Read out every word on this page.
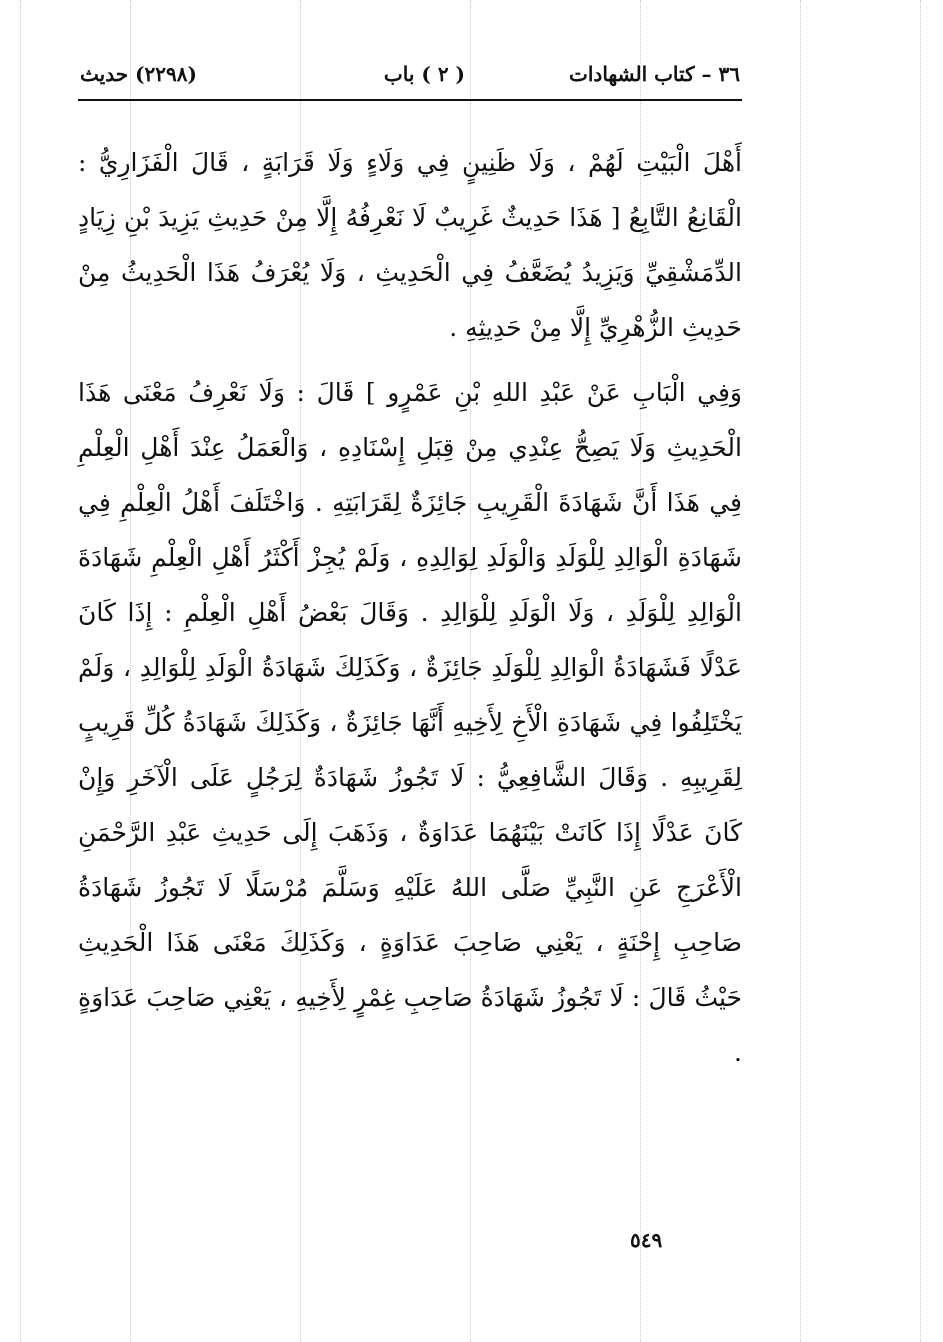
٣٦ – كتاب الشهادات
( ٢ ) باب
(٢٢٩٨) حديث

أَهْلَ الْبَيْتِ لَهُمْ ، وَلَا ظَنِينٍ فِي وَلَاءٍ وَلَا قَرَابَةٍ ، قَالَ الْفَزَارِيُّ : الْقَانِعُ التَّابِعُ [ هَذَا حَدِيثٌ غَرِيبٌ لَا نَعْرِفُهُ إِلَّا مِنْ حَدِيثِ يَزِيدَ بْنِ زِيَادٍ الدِّمَشْقِيِّ وَيَزِيدُ يُضَعَّفُ فِي الْحَدِيثِ ، وَلَا يُعْرَفُ هَذَا الْحَدِيثُ مِنْ حَدِيثِ الزُّهْرِيِّ إِلَّا مِنْ حَدِيثِهِ .

وَفِي الْبَابِ عَنْ عَبْدِ اللهِ بْنِ عَمْرٍو ] قَالَ : وَلَا نَعْرِفُ مَعْنَى هَذَا الْحَدِيثِ وَلَا يَصِحُّ عِنْدِي مِنْ قِبَلِ إِسْنَادِهِ ، وَالْعَمَلُ عِنْدَ أَهْلِ الْعِلْمِ فِي هَذَا أَنَّ شَهَادَةَ الْقَرِيبِ جَائِزَةٌ لِقَرَابَتِهِ . وَاخْتَلَفَ أَهْلُ الْعِلْمِ فِي شَهَادَةِ الْوَالِدِ لِلْوَلَدِ وَالْوَلَدِ لِوَالِدِهِ ، وَلَمْ يُجِزْ أَكْثَرُ أَهْلِ الْعِلْمِ شَهَادَةَ الْوَالِدِ لِلْوَلَدِ ، وَلَا الْوَلَدِ لِلْوَالِدِ . وَقَالَ بَعْضُ أَهْلِ الْعِلْمِ : إِذَا كَانَ عَدْلًا فَشَهَادَةُ الْوَالِدِ لِلْوَلَدِ جَائِزَةٌ ، وَكَذَلِكَ شَهَادَةُ الْوَلَدِ لِلْوَالِدِ ، وَلَمْ يَخْتَلِفُوا فِي شَهَادَةِ الْأَخِ لِأَخِيهِ أَنَّهَا جَائِزَةٌ ، وَكَذَلِكَ شَهَادَةُ كُلِّ قَرِيبٍ لِقَرِيبِهِ . وَقَالَ الشَّافِعِيُّ : لَا تَجُوزُ شَهَادَةٌ لِرَجُلٍ عَلَى الْآخَرِ وَإِنْ كَانَ عَدْلًا إِذَا كَانَتْ بَيْنَهُمَا عَدَاوَةٌ ، وَذَهَبَ إِلَى حَدِيثِ عَبْدِ الرَّحْمَنِ الْأَعْرَجِ عَنِ النَّبِيِّ صَلَّى اللهُ عَلَيْهِ وَسَلَّمَ مُرْسَلًا لَا تَجُوزُ شَهَادَةُ صَاحِبِ إِحْنَةٍ ، يَعْنِي صَاحِبَ عَدَاوَةٍ ، وَكَذَلِكَ مَعْنَى هَذَا الْحَدِيثِ حَيْثُ قَالَ : لَا تَجُوزُ شَهَادَةُ صَاحِبِ غِمْرٍ لِأَخِيهِ ، يَعْنِي صَاحِبَ عَدَاوَةٍ .

٥٤٩
